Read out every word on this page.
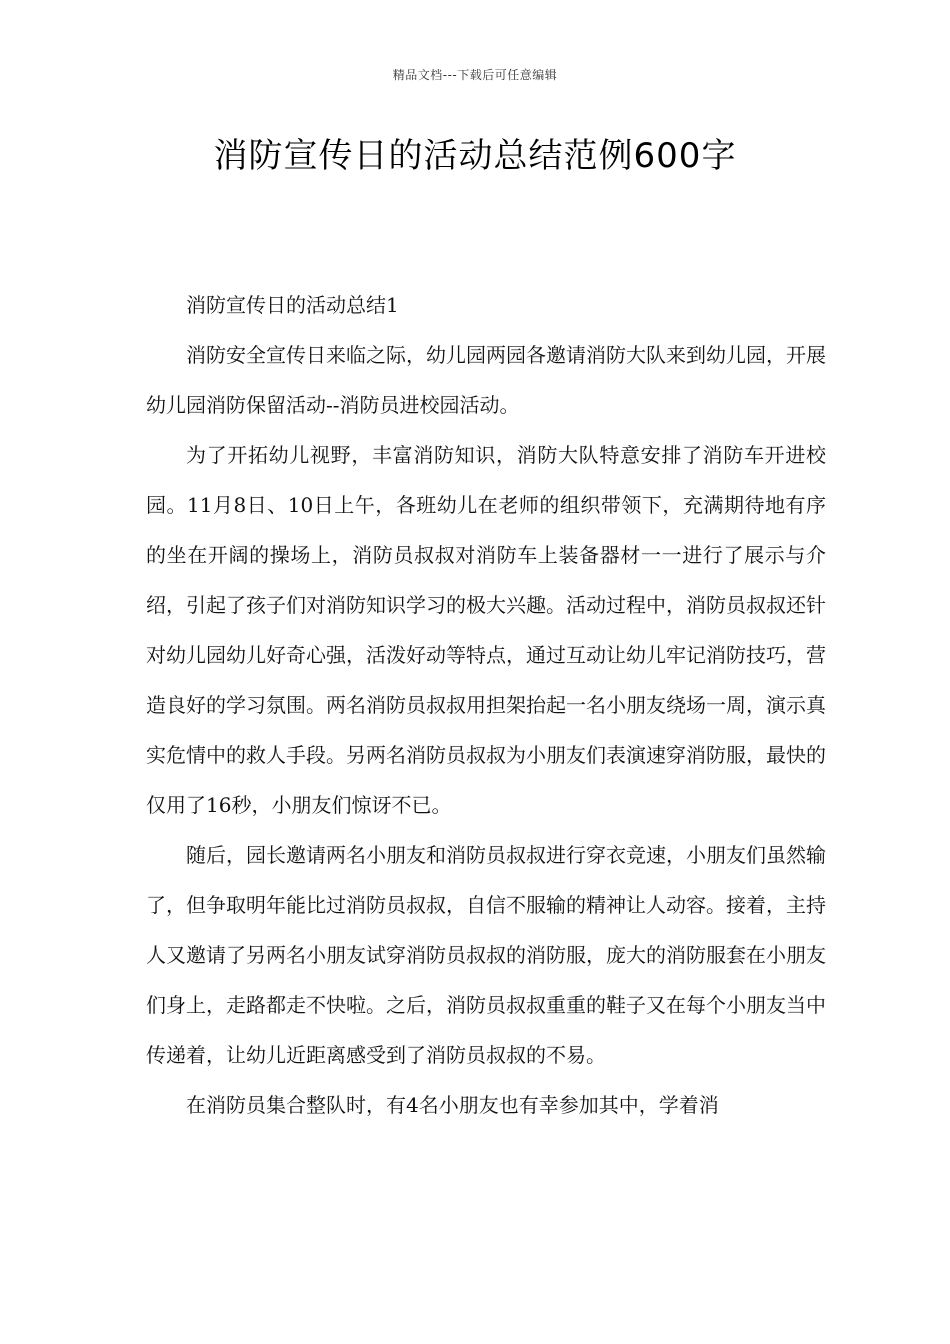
精品文档---下载后可任意编辑
消防宣传日的活动总结范例600字

消防宣传日的活动总结1

消防安全宣传日来临之际，幼儿园两园各邀请消防大队来到幼儿园，开展幼儿园消防保留活动--消防员进校园活动。

为了开拓幼儿视野，丰富消防知识，消防大队特意安排了消防车开进校园。11月8日、10日上午，各班幼儿在老师的组织带领下，充满期待地有序的坐在开阔的操场上，消防员叔叔对消防车上装备器材一一进行了展示与介绍，引起了孩子们对消防知识学习的极大兴趣。活动过程中，消防员叔叔还针对幼儿园幼儿好奇心强，活泼好动等特点，通过互动让幼儿牢记消防技巧，营造良好的学习氛围。两名消防员叔叔用担架抬起一名小朋友绕场一周，演示真实危情中的救人手段。另两名消防员叔叔为小朋友们表演速穿消防服，最快的仅用了16秒，小朋友们惊讶不已。

随后，园长邀请两名小朋友和消防员叔叔进行穿衣竞速，小朋友们虽然输了，但争取明年能比过消防员叔叔，自信不服输的精神让人动容。接着，主持人又邀请了另两名小朋友试穿消防员叔叔的消防服，庞大的消防服套在小朋友们身上，走路都走不快啦。之后，消防员叔叔重重的鞋子又在每个小朋友当中传递着，让幼儿近距离感受到了消防员叔叔的不易。

在消防员集合整队时，有4名小朋友也有幸参加其中，学着消
